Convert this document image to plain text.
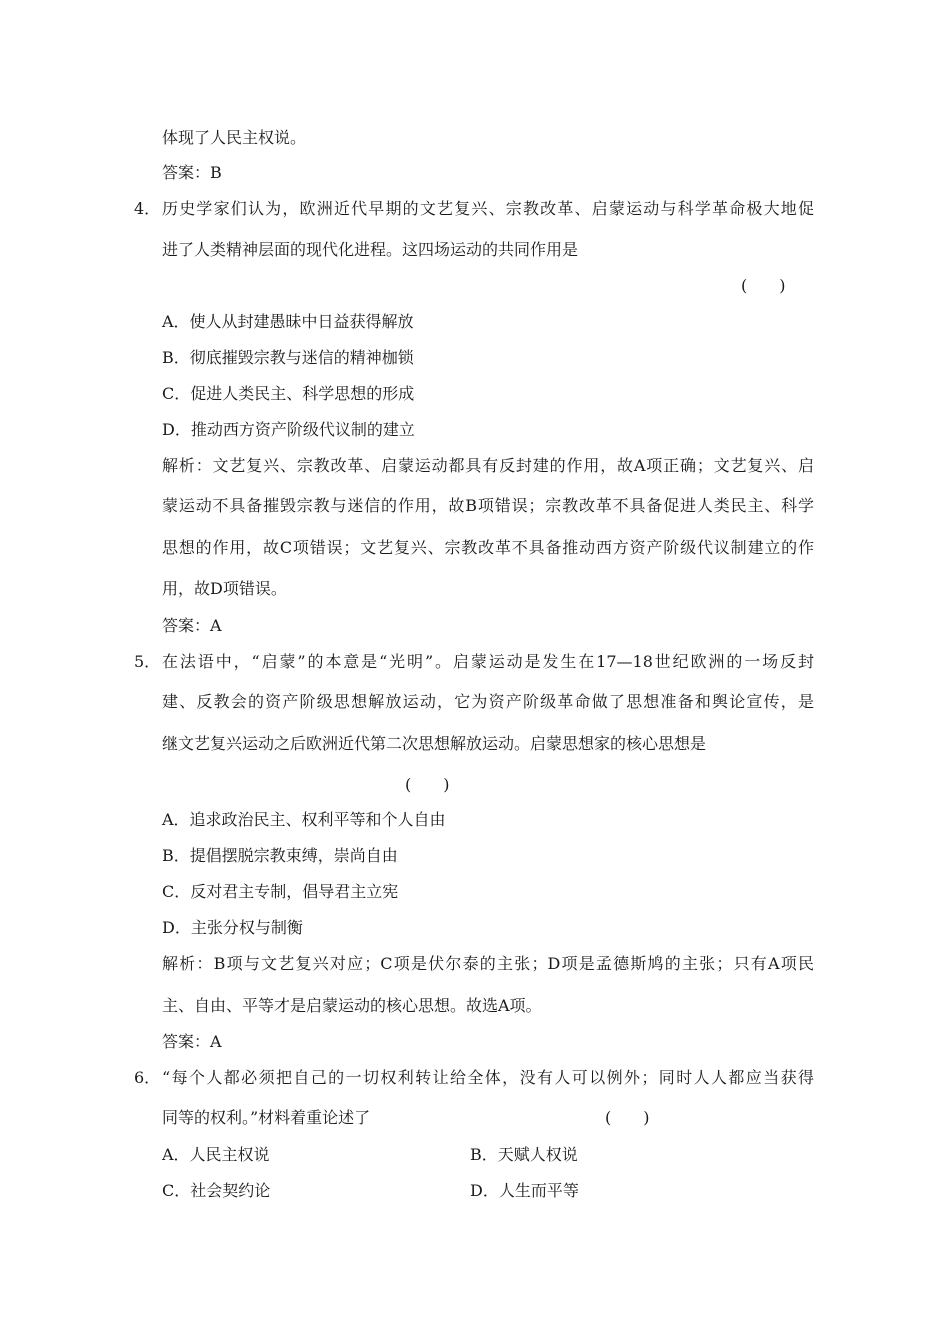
体现了人民主权说。

答案：B

4． 历史学家们认为，欧洲近代早期的文艺复兴、宗教改革、启蒙运动与科学革命极大地促

进了人类精神层面的现代化进程。这四场运动的共同作用是

(　　)

A．使人从封建愚昧中日益获得解放

B．彻底摧毁宗教与迷信的精神枷锁

C．促进人类民主、科学思想的形成

D．推动西方资产阶级代议制的建立

解析：文艺复兴、宗教改革、启蒙运动都具有反封建的作用，故A项正确；文艺复兴、启

蒙运动不具备摧毁宗教与迷信的作用，故B项错误；宗教改革不具备促进人类民主、科学

思想的作用，故C项错误；文艺复兴、宗教改革不具备推动西方资产阶级代议制建立的作

用，故D项错误。

答案：A

5． 在法语中，“启蒙”的本意是“光明”。启蒙运动是发生在17—18世纪欧洲的一场反封

建、反教会的资产阶级思想解放运动，它为资产阶级革命做了思想准备和舆论宣传，是

继文艺复兴运动之后欧洲近代第二次思想解放运动。启蒙思想家的核心思想是

(　　)

A．追求政治民主、权利平等和个人自由

B．提倡摆脱宗教束缚，崇尚自由

C．反对君主专制，倡导君主立宪

D．主张分权与制衡

解析：B项与文艺复兴对应；C项是伏尔泰的主张；D项是孟德斯鸠的主张；只有A项民

主、自由、平等才是启蒙运动的核心思想。故选A项。

答案：A

6． “每个人都必须把自己的一切权利转让给全体，没有人可以例外；同时人人都应当获得

同等的权利。”材料着重论述了	(　　)

A．人民主权说	B．天赋人权说

C．社会契约论	D．人生而平等
